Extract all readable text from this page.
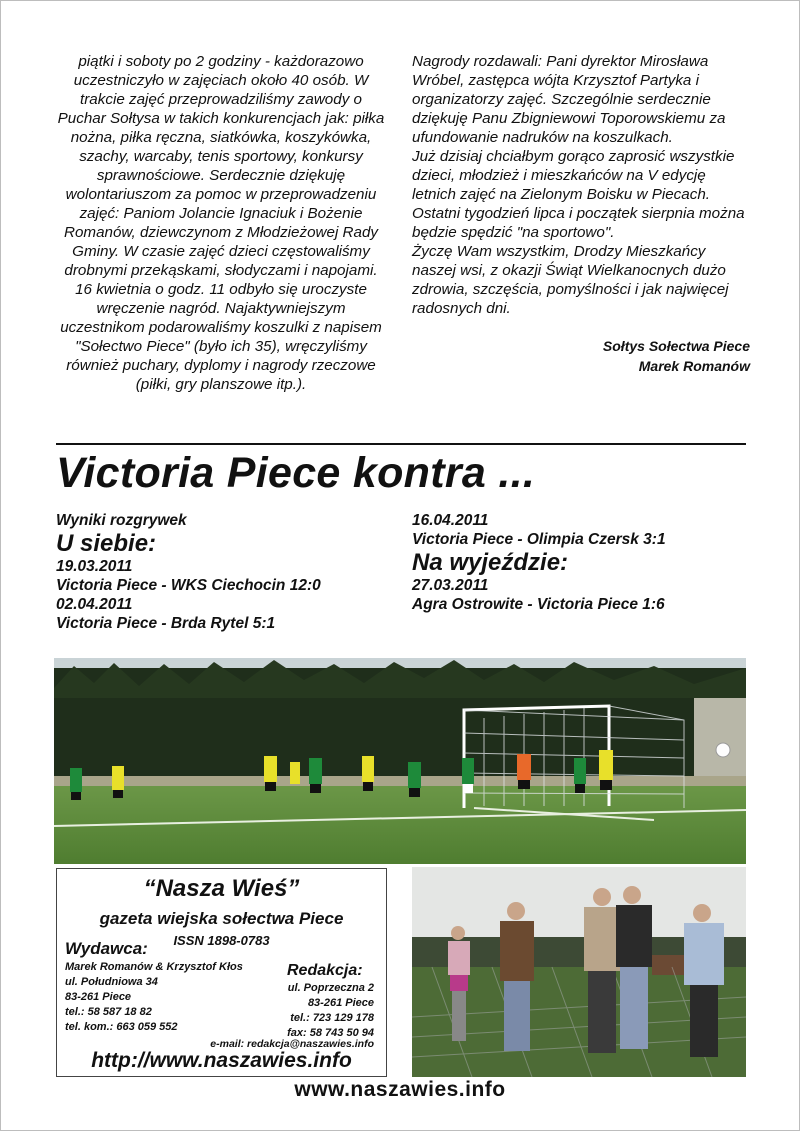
piątki i soboty po 2 godziny - każdorazowo uczestniczyło w zajęciach około 40 osób. W trakcie zajęć przeprowadziliśmy zawody o Puchar Sołtysa w takich konkurencjach jak: piłka nożna, piłka ręczna, siatkówka, koszykówka, szachy, warcaby, tenis sportowy, konkursy sprawnościowe. Serdecznie dziękuję wolontariuszom za pomoc w przeprowadzeniu zajęć: Paniom Jolancie Ignaciuk i Bożenie Romanów, dziewczynom z Młodzieżowej Rady Gminy. W czasie zajęć dzieci częstowaliśmy drobnymi przekąskami, słodyczami i napojami. 16 kwietnia o godz. 11 odbyło się uroczyste wręczenie nagród. Najaktywniejszym uczestnikom podarowaliśmy koszulki z napisem "Sołectwo Piece" (było ich 35), wręczyliśmy również puchary, dyplomy i nagrody rzeczowe (piłki, gry planszowe itp.).

Nagrody rozdawali: Pani dyrektor Mirosława Wróbel, zastępca wójta Krzysztof Partyka i organizatorzy zajęć. Szczególnie serdecznie dziękuję Panu Zbigniewowi Toporowskiemu za ufundowanie nadruków na koszulkach.

Już dzisiaj chciałbym gorąco zaprosić wszystkie dzieci, młodzież i mieszkańców na V edycję letnich zajęć na Zielonym Boisku w Piecach. Ostatni tygodzień lipca i początek sierpnia można będzie spędzić "na sportowo".

Życzę Wam wszystkim, Drodzy Mieszkańcy naszej wsi, z okazji Świąt Wielkanocnych dużo zdrowia, szczęścia, pomyślności i jak najwięcej radosnych dni.

Sołtys Sołectwa Piece
Marek Romanów
Victoria Piece kontra ...
Wyniki rozgrywek
U siebie:
19.03.2011
Victoria Piece - WKS Ciechocin 12:0
02.04.2011
Victoria Piece - Brda Rytel 5:1
16.04.2011
Victoria Piece - Olimpia Czersk 3:1
Na wyjeździe:
27.03.2011
Agra Ostrowite - Victoria Piece 1:6
“Nasza Wieś”
gazeta wiejska sołectwa Piece
ISSN 1898-0783
Wydawca:
Marek Romanów & Krzysztof Kłos
ul. Południowa 34
83-261 Piece
tel.: 58 587 18 82
tel. kom.: 663 059 552
Redakcja:
ul. Poprzeczna 2
83-261 Piece
tel.: 723 129 178
fax: 58 743 50 94
e-mail: redakcja@naszawies.info
http://www.naszawies.info
www.naszawies.info
